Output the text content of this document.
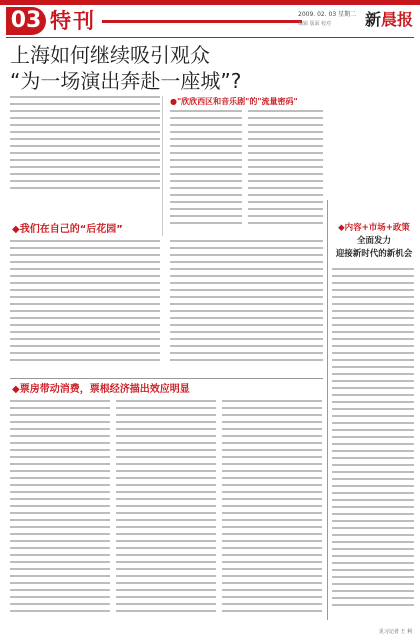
03 特刊	2009. 02. 03 星期二
编辑 版面 校对 新晨报
上海如何继续吸引观众
“为一场演出奔赴一座城”?
●"欣欣西区和音乐剧"的"流量密码"
◆我们在自己的“后花园”	◆内容+市场+政策
全面发力
迎接新时代的新机会
◆票房带动消费，票根经济描出效应明显
见习记者 王 利
